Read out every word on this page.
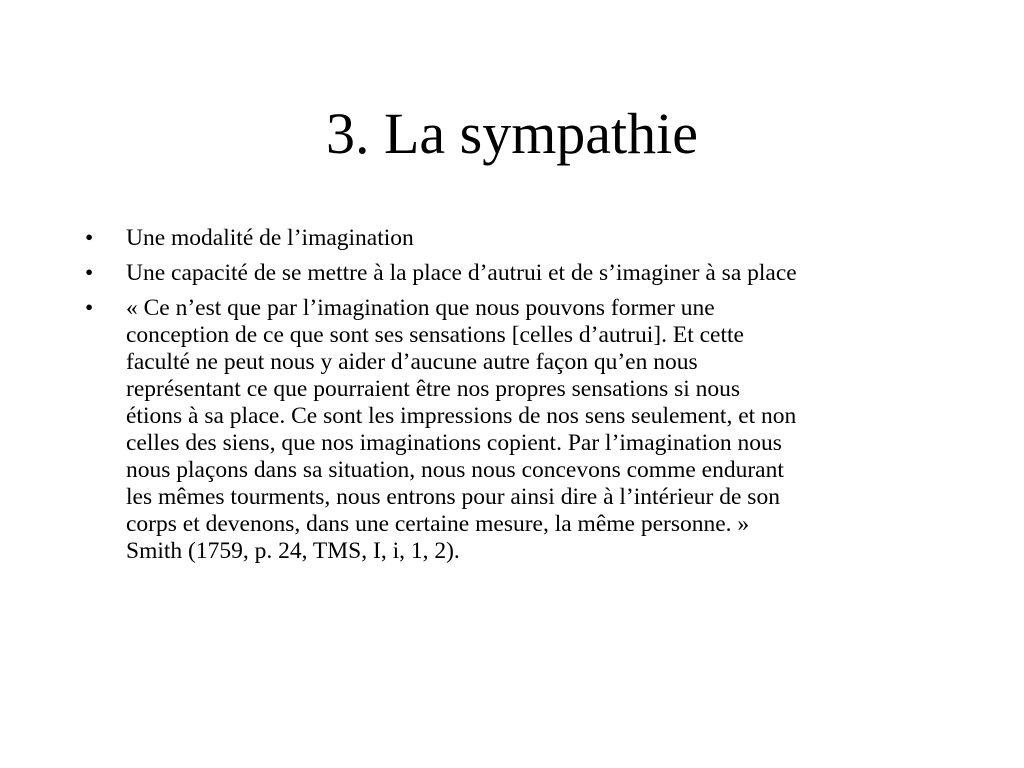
3. La sympathie
• Une modalité de l’imagination
• Une capacité de se mettre à la place d’autrui et de s’imaginer à sa place
• « Ce n’est que par l’imagination que nous pouvons former une
conception de ce que sont ses sensations [celles d’autrui]. Et cette
faculté ne peut nous y aider d’aucune autre façon qu’en nous
représentant ce que pourraient être nos propres sensations si nous
étions à sa place. Ce sont les impressions de nos sens seulement, et non
celles des siens, que nos imaginations copient. Par l’imagination nous
nous plaçons dans sa situation, nous nous concevons comme endurant
les mêmes tourments, nous entrons pour ainsi dire à l’intérieur de son
corps et devenons, dans une certaine mesure, la même personne. »
Smith (1759, p. 24, TMS, I, i, 1, 2).
